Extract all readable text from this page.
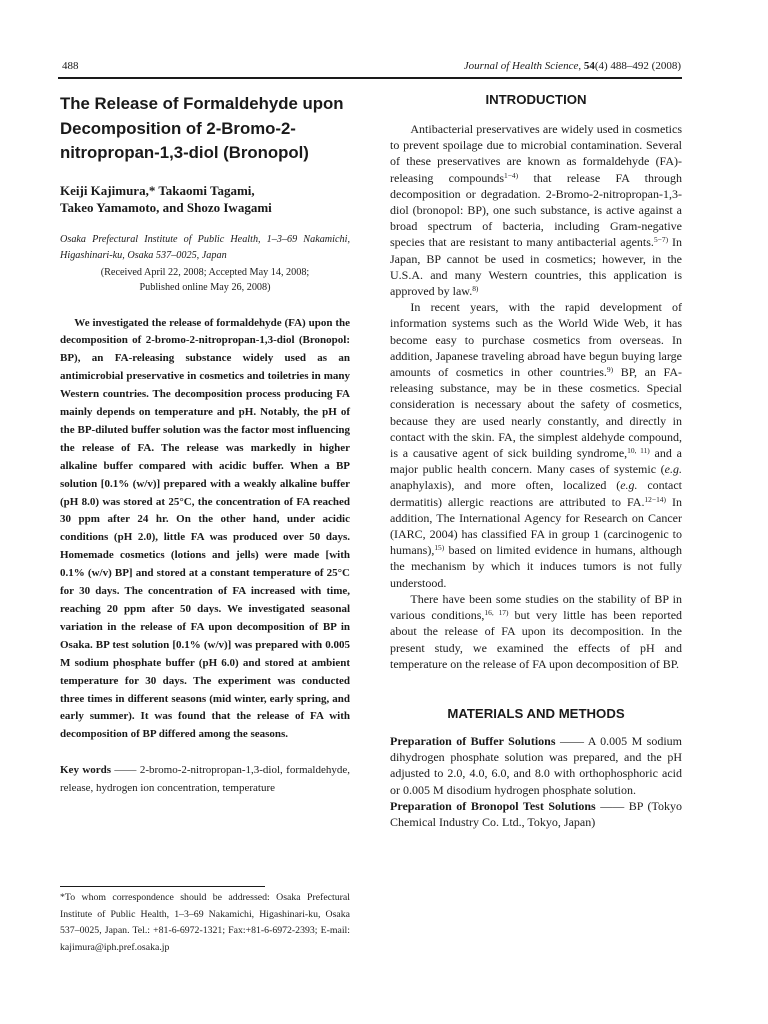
488	Journal of Health Science, 54(4) 488–492 (2008)
The Release of Formaldehyde upon Decomposition of 2-Bromo-2-nitropropan-1,3-diol (Bronopol)
Keiji Kajimura,* Takaomi Tagami,
Takeo Yamamoto, and Shozo Iwagami

Osaka Prefectural Institute of Public Health, 1–3–69 Nakamichi, Higashinari-ku, Osaka 537–0025, Japan

(Received April 22, 2008; Accepted May 14, 2008;
Published online May 26, 2008)

We investigated the release of formaldehyde (FA) upon the decomposition of 2-bromo-2-nitropropan-1,3-diol (Bronopol: BP), an FA-releasing substance widely used as an antimicrobial preservative in cosmetics and toiletries in many Western countries. The decomposition process producing FA mainly depends on temperature and pH. Notably, the pH of the BP-diluted buffer solution was the factor most influencing the release of FA. The release was markedly in higher alkaline buffer compared with acidic buffer. When a BP solution [0.1% (w/v)] prepared with a weakly alkaline buffer (pH 8.0) was stored at 25°C, the concentration of FA reached 30 ppm after 24 hr. On the other hand, under acidic conditions (pH 2.0), little FA was produced over 50 days. Homemade cosmetics (lotions and jells) were made [with 0.1% (w/v) BP] and stored at a constant temperature of 25°C for 30 days. The concentration of FA increased with time, reaching 20 ppm after 50 days. We investigated seasonal variation in the release of FA upon decomposition of BP in Osaka. BP test solution [0.1% (w/v)] was prepared with 0.005 M sodium phosphate buffer (pH 6.0) and stored at ambient temperature for 30 days. The experiment was conducted three times in different seasons (mid winter, early spring, and early summer). It was found that the release of FA with decomposition of BP differed among the seasons.

Key words —— 2-bromo-2-nitropropan-1,3-diol, formaldehyde, release, hydrogen ion concentration, temperature

*To whom correspondence should be addressed: Osaka Prefectural Institute of Public Health, 1–3–69 Nakamichi, Higashinari-ku, Osaka 537–0025, Japan. Tel.: +81-6-6972-1321; Fax:+81-6-6972-2393; E-mail: kajimura@iph.pref.osaka.jp

INTRODUCTION

Antibacterial preservatives are widely used in cosmetics to prevent spoilage due to microbial contamination. Several of these preservatives are known as formaldehyde (FA)-releasing compounds$^{1-4)}$ that release FA through decomposition or degradation. 2-Bromo-2-nitropropan-1,3-diol (bronopol: BP), one such substance, is active against a broad spectrum of bacteria, including Gram-negative species that are resistant to many antibacterial agents.$^{5-7)}$ In Japan, BP cannot be used in cosmetics; however, in the U.S.A. and many Western countries, this application is approved by law.$^{8)}$

In recent years, with the rapid development of information systems such as the World Wide Web, it has become easy to purchase cosmetics from overseas. In addition, Japanese traveling abroad have begun buying large amounts of cosmetics in other countries.$^{9)}$ BP, an FA-releasing substance, may be in these cosmetics. Special consideration is necessary about the safety of cosmetics, because they are used nearly constantly, and directly in contact with the skin. FA, the simplest aldehyde compound, is a causative agent of sick building syndrome,$^{10, 11)}$ and a major public health concern. Many cases of systemic (e.g. anaphylaxis), and more often, localized (e.g. contact dermatitis) allergic reactions are attributed to FA.$^{12-14)}$ In addition, The International Agency for Research on Cancer (IARC, 2004) has classified FA in group 1 (carcinogenic to humans),$^{15)}$ based on limited evidence in humans, although the mechanism by which it induces tumors is not fully understood.

There have been some studies on the stability of BP in various conditions,$^{16, 17)}$ but very little has been reported about the release of FA upon its decomposition. In the present study, we examined the effects of pH and temperature on the release of FA upon decomposition of BP.

MATERIALS AND METHODS

Preparation of Buffer Solutions —— A 0.005 M sodium dihydrogen phosphate solution was prepared, and the pH adjusted to 2.0, 4.0, 6.0, and 8.0 with orthophosphoric acid or 0.005 M disodium hydrogen phosphate solution.

Preparation of Bronopol Test Solutions —— BP (Tokyo Chemical Industry Co. Ltd., Tokyo, Japan)
